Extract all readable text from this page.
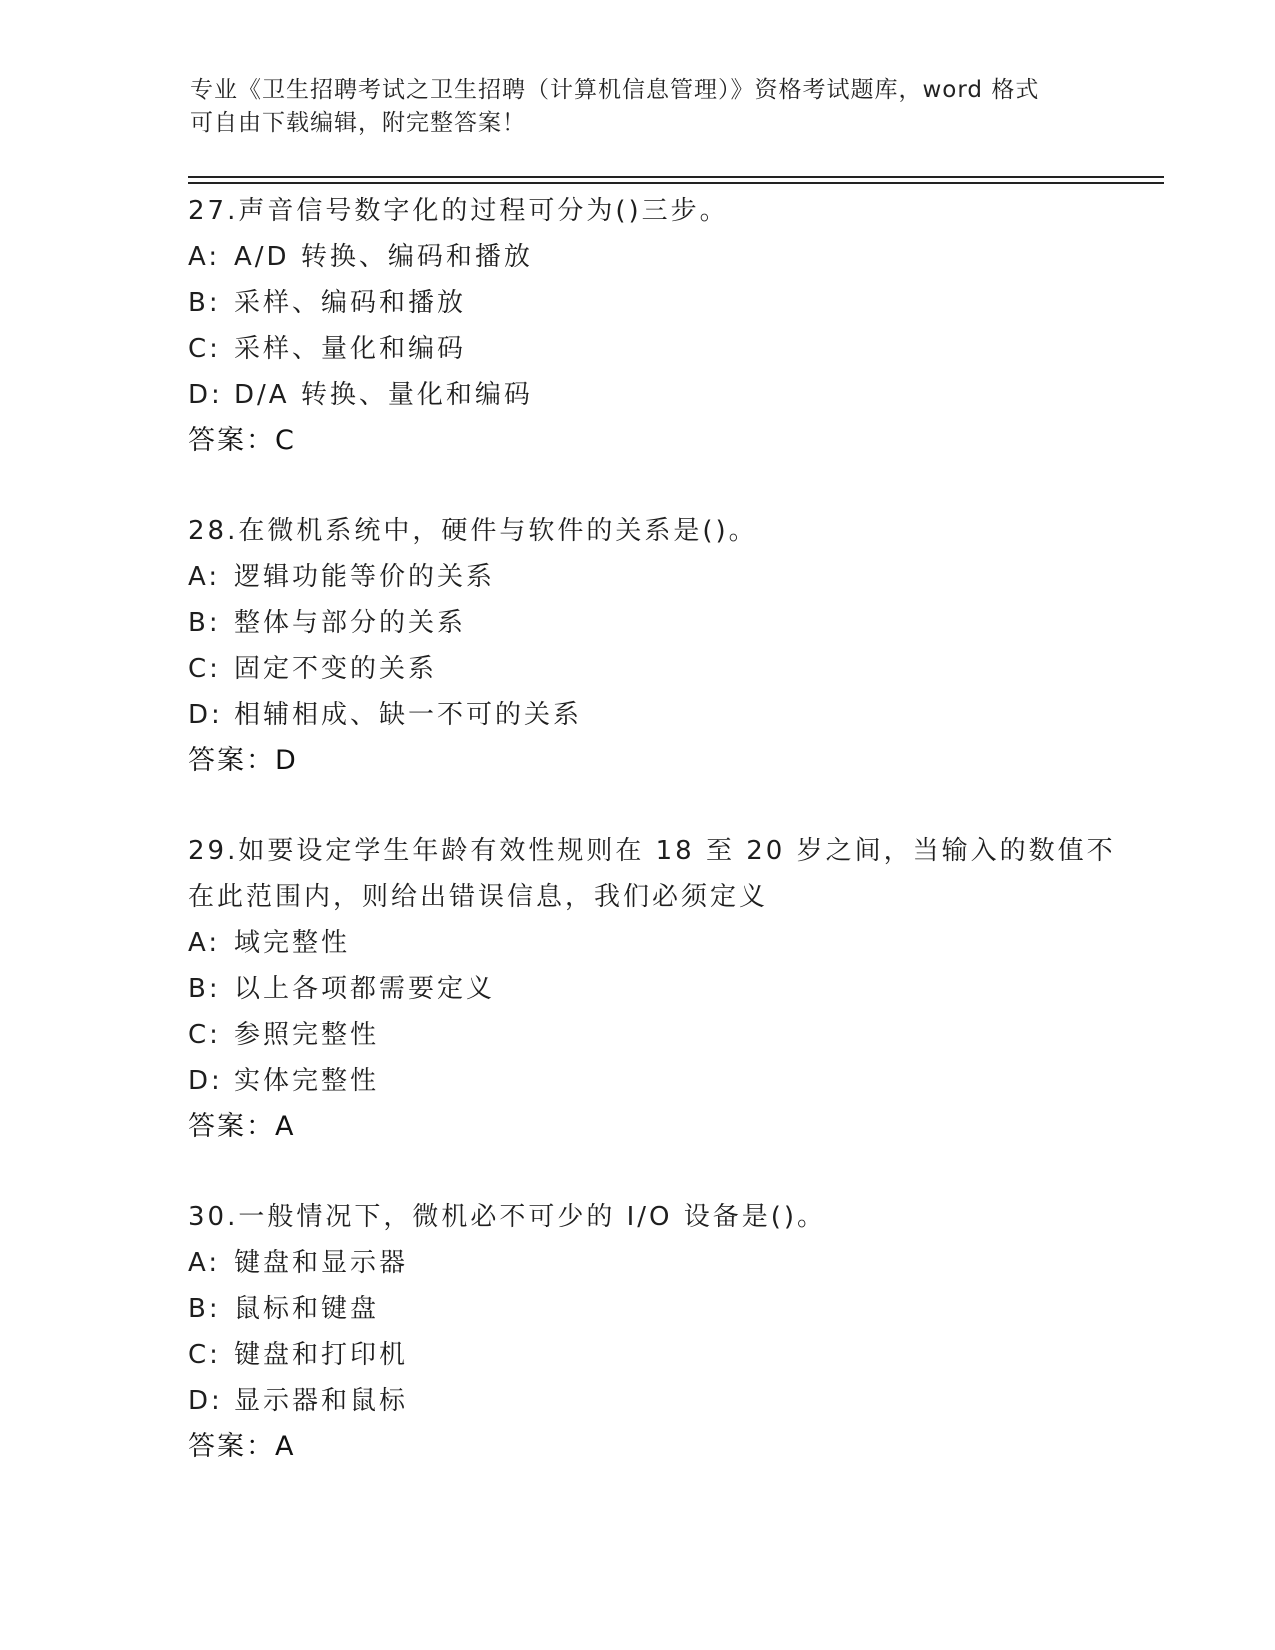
专业《卫生招聘考试之卫生招聘（计算机信息管理）》资格考试题库，word 格式
可自由下载编辑，附完整答案！
27.声音信号数字化的过程可分为()三步。
A: A/D 转换、编码和播放
B: 采样、编码和播放
C: 采样、量化和编码
D: D/A 转换、量化和编码
答案：C
28.在微机系统中，硬件与软件的关系是()。
A: 逻辑功能等价的关系
B: 整体与部分的关系
C: 固定不变的关系
D: 相辅相成、缺一不可的关系
答案：D
29.如要设定学生年龄有效性规则在 18 至 20 岁之间，当输入的数值不
在此范围内，则给出错误信息，我们必须定义
A: 域完整性
B: 以上各项都需要定义
C: 参照完整性
D: 实体完整性
答案：A
30.一般情况下，微机必不可少的 I/O 设备是()。
A: 键盘和显示器
B: 鼠标和键盘
C: 键盘和打印机
D: 显示器和鼠标
答案：A
